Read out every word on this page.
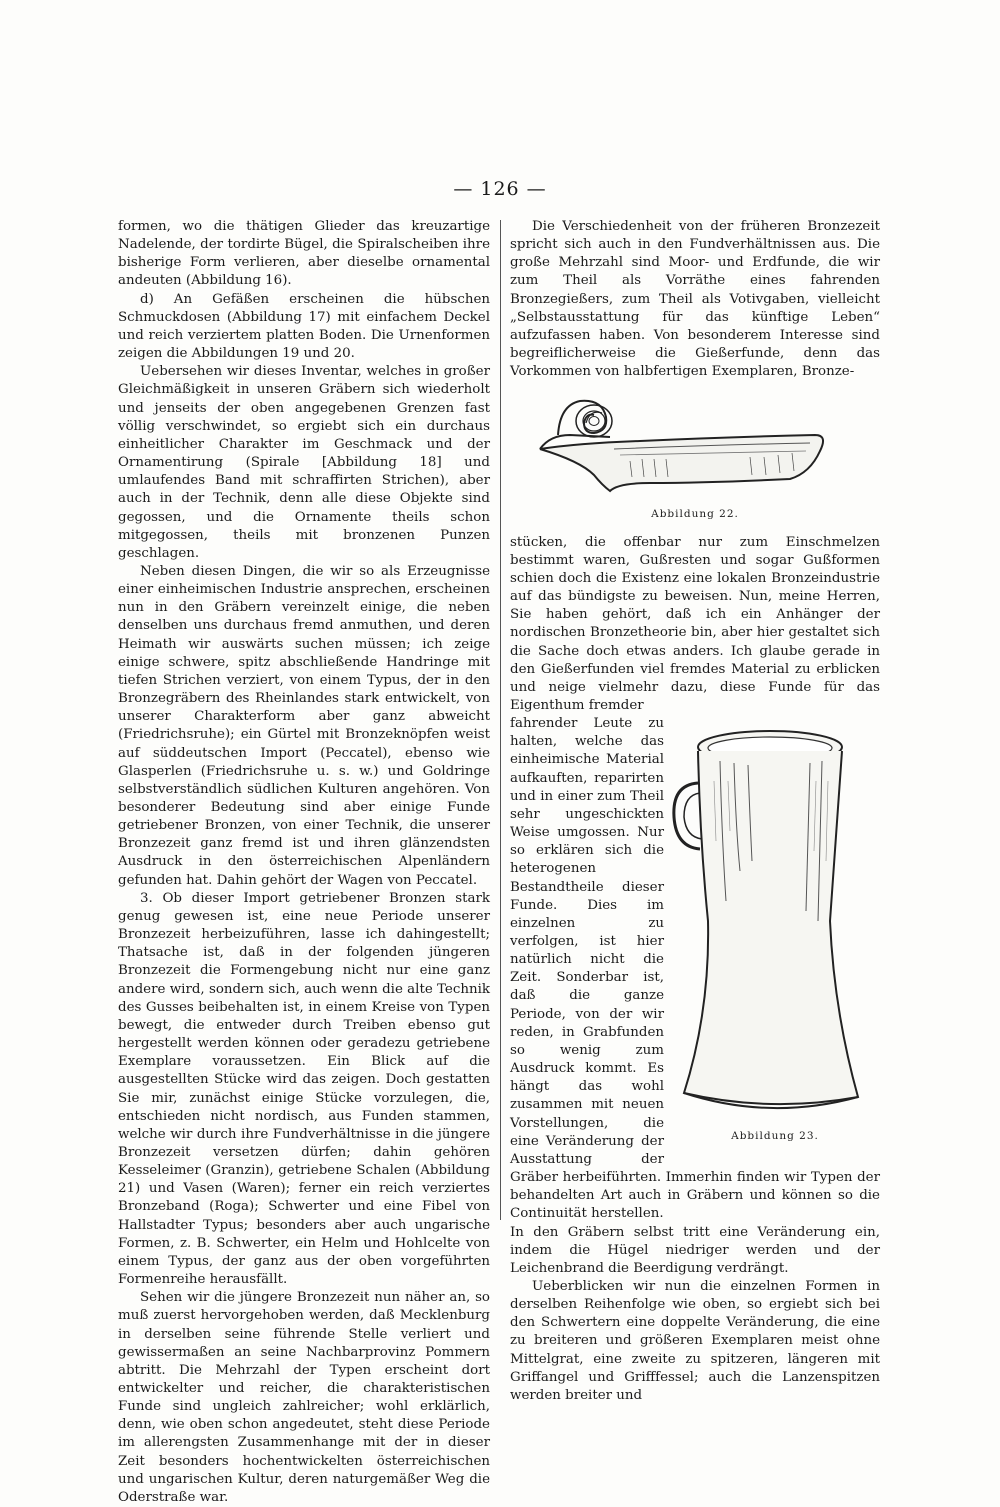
— 126 —

formen, wo die thätigen Glieder das kreuzartige Nadelende, der tordirte Bügel, die Spiralscheiben ihre bisherige Form verlieren, aber dieselbe ornamental andeuten (Abbildung 16).

d) An Gefäßen erscheinen die hübschen Schmuckdosen (Abbildung 17) mit einfachem Deckel und reich verziertem platten Boden. Die Urnenformen zeigen die Abbildungen 19 und 20.

Uebersehen wir dieses Inventar, welches in großer Gleichmäßigkeit in unseren Gräbern sich wiederholt und jenseits der oben angegebenen Grenzen fast völlig verschwindet, so ergiebt sich ein durchaus einheitlicher Charakter im Geschmack und der Ornamentirung (Spirale [Abbildung 18] und umlaufendes Band mit schraffirten Strichen), aber auch in der Technik, denn alle diese Objekte sind gegossen, und die Ornamente theils schon mitgegossen, theils mit bronzenen Punzen geschlagen.

Neben diesen Dingen, die wir so als Erzeugnisse einer einheimischen Industrie ansprechen, erscheinen nun in den Gräbern vereinzelt einige, die neben denselben uns durchaus fremd anmuthen, und deren Heimath wir auswärts suchen müssen; ich zeige einige schwere, spitz abschließende Handringe mit tiefen Strichen verziert, von einem Typus, der in den Bronzegräbern des Rheinlandes stark entwickelt, von unserer Charakterform aber ganz abweicht (Friedrichsruhe); ein Gürtel mit Bronzeknöpfen weist auf süddeutschen Import (Peccatel), ebenso wie Glasperlen (Friedrichsruhe u. s. w.) und Goldringe selbstverständlich südlichen Kulturen angehören. Von besonderer Bedeutung sind aber einige Funde getriebener Bronzen, von einer Technik, die unserer Bronzezeit ganz fremd ist und ihren glänzendsten Ausdruck in den österreichischen Alpenländern gefunden hat. Dahin gehört der Wagen von Peccatel.

3. Ob dieser Import getriebener Bronzen stark genug gewesen ist, eine neue Periode unserer Bronzezeit herbeizuführen, lasse ich dahingestellt; Thatsache ist, daß in der folgenden jüngeren Bronzezeit die Formengebung nicht nur eine ganz andere wird, sondern sich, auch wenn die alte Technik des Gusses beibehalten ist, in einem Kreise von Typen bewegt, die entweder durch Treiben ebenso gut hergestellt werden können oder geradezu getriebene Exemplare voraussetzen. Ein Blick auf die ausgestellten Stücke wird das zeigen. Doch gestatten Sie mir, zunächst einige Stücke vorzulegen, die, entschieden nicht nordisch, aus Funden stammen, welche wir durch ihre Fundverhältnisse in die jüngere Bronzezeit versetzen dürfen; dahin gehören Kesseleimer (Granzin), getriebene Schalen (Abbildung 21) und Vasen (Waren); ferner ein reich verziertes Bronzeband (Roga); Schwerter und eine Fibel von Hallstadter Typus; besonders aber auch ungarische Formen, z. B. Schwerter, ein Helm und Hohlcelte von einem Typus, der ganz aus der oben vorgeführten Formenreihe herausfällt.

Sehen wir die jüngere Bronzezeit nun näher an, so muß zuerst hervorgehoben werden, daß Mecklenburg in derselben seine führende Stelle verliert und gewissermaßen an seine Nachbarprovinz Pommern abtritt. Die Mehrzahl der Typen erscheint dort entwickelter und reicher, die charakteristischen Funde sind ungleich zahlreicher; wohl erklärlich, denn, wie oben schon angedeutet, steht diese Periode im allerengsten Zusammenhange mit der in dieser Zeit besonders hochentwickelten österreichischen und ungarischen Kultur, deren naturgemäßer Weg die Oderstraße war.

Die Verschiedenheit von der früheren Bronzezeit spricht sich auch in den Fundverhältnissen aus. Die große Mehrzahl sind Moor- und Erdfunde, die wir zum Theil als Vorräthe eines fahrenden Bronzegießers, zum Theil als Votivgaben, vielleicht „Selbstausstattung für das künftige Leben“ aufzufassen haben. Von besonderem Interesse sind begreiflicherweise die Gießerfunde, denn das Vorkommen von halbfertigen Exemplaren, Bronze-

Abbildung 22.

stücken, die offenbar nur zum Einschmelzen bestimmt waren, Gußresten und sogar Gußformen schien doch die Existenz eine lokalen Bronzeindustrie auf das bündigste zu beweisen. Nun, meine Herren, Sie haben gehört, daß ich ein Anhänger der nordischen Bronzetheorie bin, aber hier gestaltet sich die Sache doch etwas anders. Ich glaube gerade in den Gießerfunden viel fremdes Material zu erblicken und neige vielmehr dazu, diese Funde für das Eigenthum fremder

Abbildung 23.

fahrender Leute zu halten, welche das einheimische Material aufkauften, reparirten und in einer zum Theil sehr ungeschickten Weise umgossen. Nur so erklären sich die heterogenen Bestandtheile dieser Funde. Dies im einzelnen zu verfolgen, ist hier natürlich nicht die Zeit. Sonderbar ist, daß die ganze Periode, von der wir reden, in Grabfunden so wenig zum Ausdruck kommt. Es hängt das wohl zusammen mit neuen Vorstellungen, die eine Veränderung der Ausstattung der Gräber herbeiführten. Immerhin finden wir Typen der behandelten Art auch in Gräbern und können so die Continuität herstellen.

In den Gräbern selbst tritt eine Veränderung ein, indem die Hügel niedriger werden und der Leichenbrand die Beerdigung verdrängt.

Ueberblicken wir nun die einzelnen Formen in derselben Reihenfolge wie oben, so ergiebt sich bei den Schwertern eine doppelte Veränderung, die eine zu breiteren und größeren Exemplaren meist ohne Mittelgrat, eine zweite zu spitzeren, längeren mit Griffangel und Grifffessel; auch die Lanzenspitzen werden breiter und
